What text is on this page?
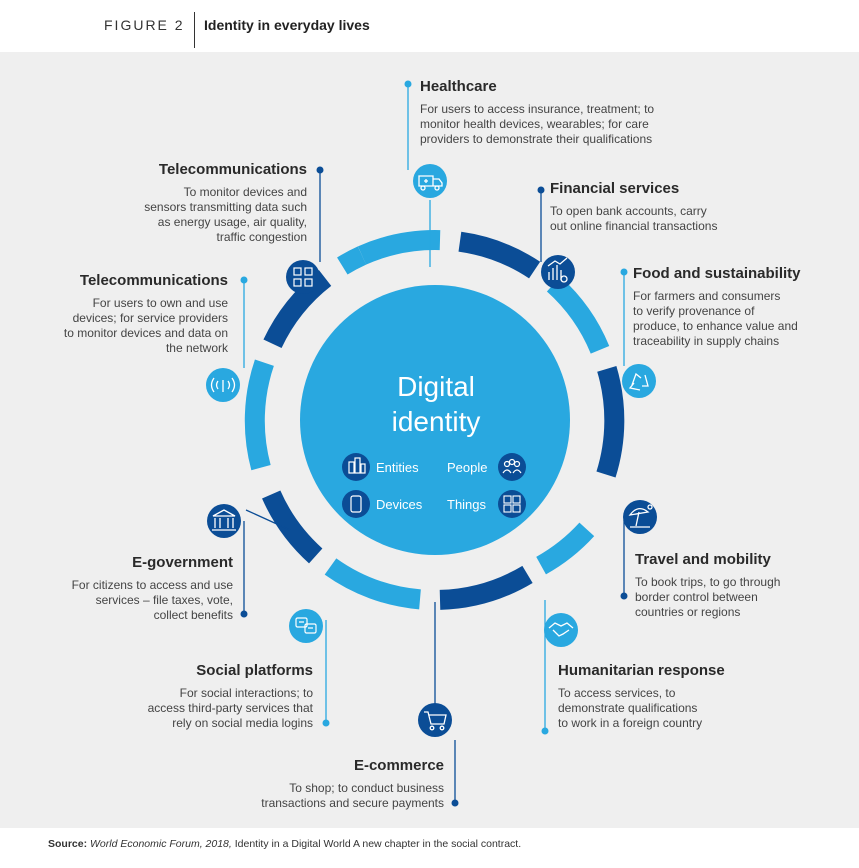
FIGURE 2 Identity in everyday lives
Digital
identity
Entities People
Devices Things
Healthcare
For users to access insurance, treatment; to
monitor health devices, wearables; for care
providers to demonstrate their qualifications
Financial services
To open bank accounts, carry
out online financial transactions
Food and sustainability
For farmers and consumers
to verify provenance of
produce, to enhance value and
traceability in supply chains
Travel and mobility
To book trips, to go through
border control between
countries or regions
Humanitarian response
To access services, to
demonstrate qualifications
to work in a foreign country
E-commerce
To shop; to conduct business
transactions and secure payments
Social platforms
For social interactions; to
access third-party services that
rely on social media logins
E-government
For citizens to access and use
services – file taxes, vote,
collect benefits
Telecommunications
For users to own and use
devices; for service providers
to monitor devices and data on
the network
Telecommunications
To monitor devices and
sensors transmitting data such
as energy usage, air quality,
traffic congestion
Source: World Economic Forum, 2018, Identity in a Digital World A new chapter in the social contract.
